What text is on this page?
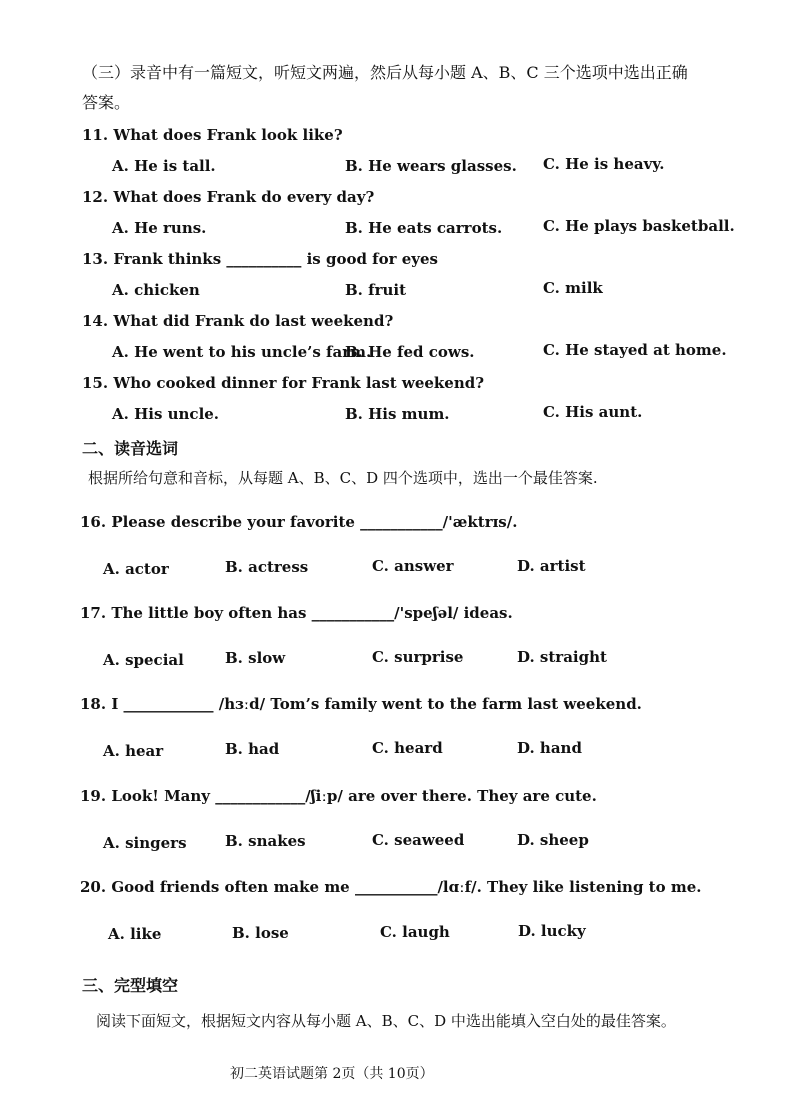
（三）录音中有一篇短文，听短文两遍，然后从每小题 A、B、C 三个选项中选出正确
答案。
11. What does Frank look like?
A. He is tall.	B. He wears glasses. C. He is heavy.
12. What does Frank do every day?
A. He runs.	B. He eats carrots.	C. He plays basketball.
13. Frank thinks __________ is good for eyes
A. chicken	B. fruit	C. milk
14. What did Frank do last weekend?
A. He went to his uncle’s farm.
B. He fed cows.	C. He stayed at home.
15. Who cooked dinner for Frank last weekend?
A. His uncle.	B. His mum.	C. His aunt.
二、读音选词
根据所给句意和音标，从每题 A、B、C、D 四个选项中，选出一个最佳答案.
16. Please describe your favorite ___________/'æktrɪs/.
A. actor	B. actress	C. answer	D. artist
17. The little boy often has ___________/'speʃəl/ ideas.
A. special	B. slow	C. surprise	D. straight
18. I ____________ /hɜːd/ Tom’s family went to the farm last weekend.
A. hear	B. had	C. heard	D. hand
19. Look! Many ____________/ʃiːp/ are over there. They are cute.
A. singers	B. snakes	C. seaweed	D. sheep
20. Good friends often make me ___________/lɑːf/. They like listening to me.
A. like	B. lose	C. laugh	D. lucky
三、完型填空
阅读下面短文，根据短文内容从每小题 A、B、C、D 中选出能填入空白处的最佳答案。
初二英语试题第 2页（共 10页）
